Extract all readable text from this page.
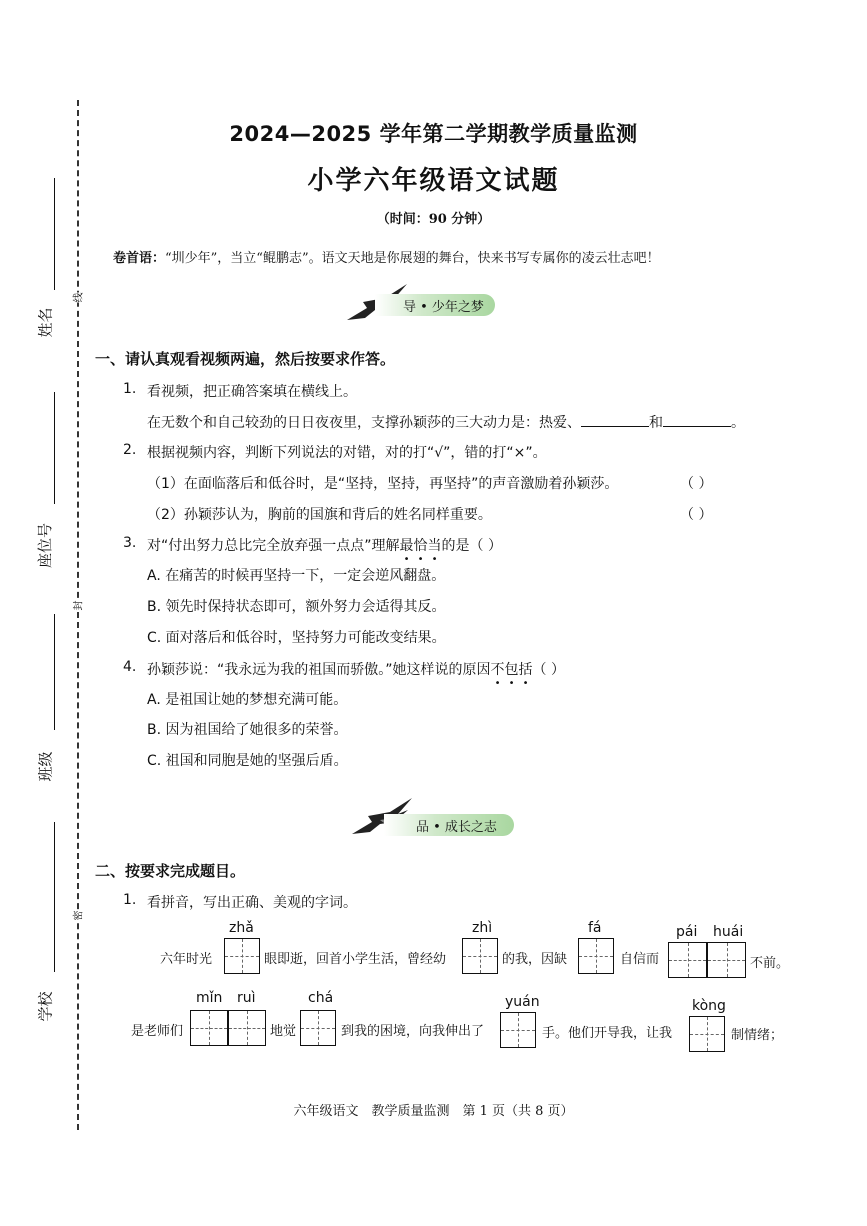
线
封
密
姓名
座位号
班级
学校
2024—2025 学年第二学期教学质量监测
小学六年级语文试题
（时间：90 分钟）
卷首语：“圳少年”，当立“鲲鹏志”。语文天地是你展翅的舞台，快来书写专属你的凌云壮志吧！
导 • 少年之梦
一、请认真观看视频两遍，然后按要求作答。
1. 看视频，把正确答案填在横线上。
在无数个和自己较劲的日日夜夜里，支撑孙颖莎的三大动力是：热爱、	和	。
2. 根据视频内容，判断下列说法的对错，对的打“√”，错的打“×”。
（1）在面临落后和低谷时，是“坚持，坚持，再坚持”的声音激励着孙颖莎。	（ ）
（2）孙颖莎认为，胸前的国旗和背后的姓名同样重要。	（ ）
3. 对“付出努力总比完全放弃强一点点”理解最恰当的是（ ）
A. 在痛苦的时候再坚持一下，一定会逆风翻盘。
B. 领先时保持状态即可，额外努力会适得其反。
C. 面对落后和低谷时，坚持努力可能改变结果。
4. 孙颖莎说：“我永远为我的祖国而骄傲。”她这样说的原因不包括（ ）
A. 是祖国让她的梦想充满可能。
B. 因为祖国给了她很多的荣誉。
C. 祖国和同胞是她的坚强后盾。
品 • 成长之志
二、按要求完成题目。
1. 看拼音，写出正确、美观的字词。
zhǎ	zhì	fá	pái huái
六年时光	眼即逝，回首小学生活，曾经幼	的我，因缺	自信而	不前。
mǐn ruì	chá	yuán	kòng
是老师们	地觉	到我的困境，向我伸出了	手。他们开导我，让我	制情绪；
六年级语文　教学质量监测　第 1 页（共 8 页）
